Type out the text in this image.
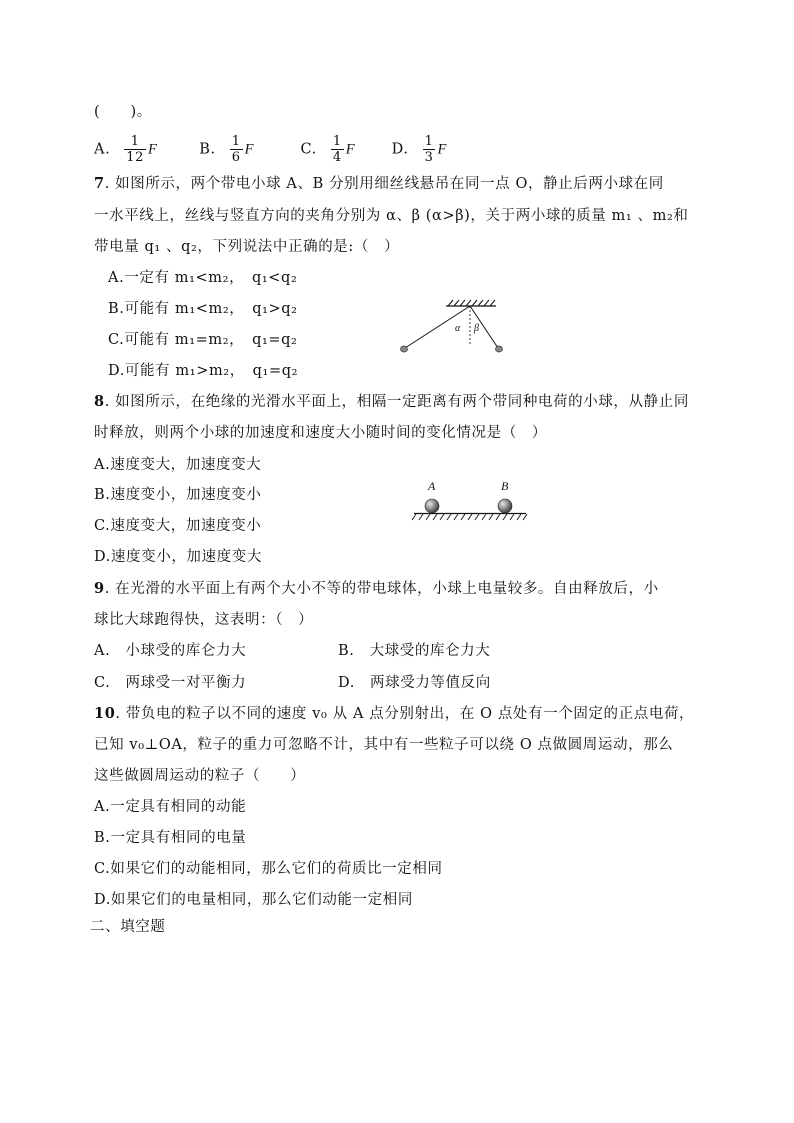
(　　)。
A. $\frac{1}{12}$ F	B. $\frac{1}{6}$ F	C. $\frac{1}{4}$ F	D. $\frac{1}{3}$ F
7. 如图所示，两个带电小球 A、B 分别用细丝线悬吊在同一点 O，静止后两小球在同
一水平线上，丝线与竖直方向的夹角分别为 α、β (α>β)，关于两小球的质量 m₁ 、m₂和
带电量 q₁ 、q₂，下列说法中正确的是:（　）
A.一定有 m₁<m₂，　q₁<q₂
B.可能有 m₁<m₂，　q₁>q₂
C.可能有 m₁=m₂，　q₁=q₂
D.可能有 m₁>m₂，　q₁=q₂
α β
8. 如图所示，在绝缘的光滑水平面上，相隔一定距离有两个带同种电荷的小球，从静止同
时释放，则两个小球的加速度和速度大小随时间的变化情况是（　）
A.速度变大，加速度变大
B.速度变小，加速度变小
C.速度变大，加速度变小
D.速度变小，加速度变大
A	B
9. 在光滑的水平面上有两个大小不等的带电球体，小球上电量较多。自由释放后，小
球比大球跑得快，这表明：（　）
A.　小球受的库仑力大	B.　大球受的库仑力大
C.　两球受一对平衡力	D.　两球受力等值反向
10. 带负电的粒子以不同的速度 v₀ 从 A 点分别射出，在 O 点处有一个固定的正点电荷，
已知 v₀⊥OA，粒子的重力可忽略不计，其中有一些粒子可以绕 O 点做圆周运动，那么
这些做圆周运动的粒子（　　）
A.一定具有相同的动能
B.一定具有相同的电量
C.如果它们的动能相同，那么它们的荷质比一定相同
D.如果它们的电量相同，那么它们动能一定相同
二、填空题
